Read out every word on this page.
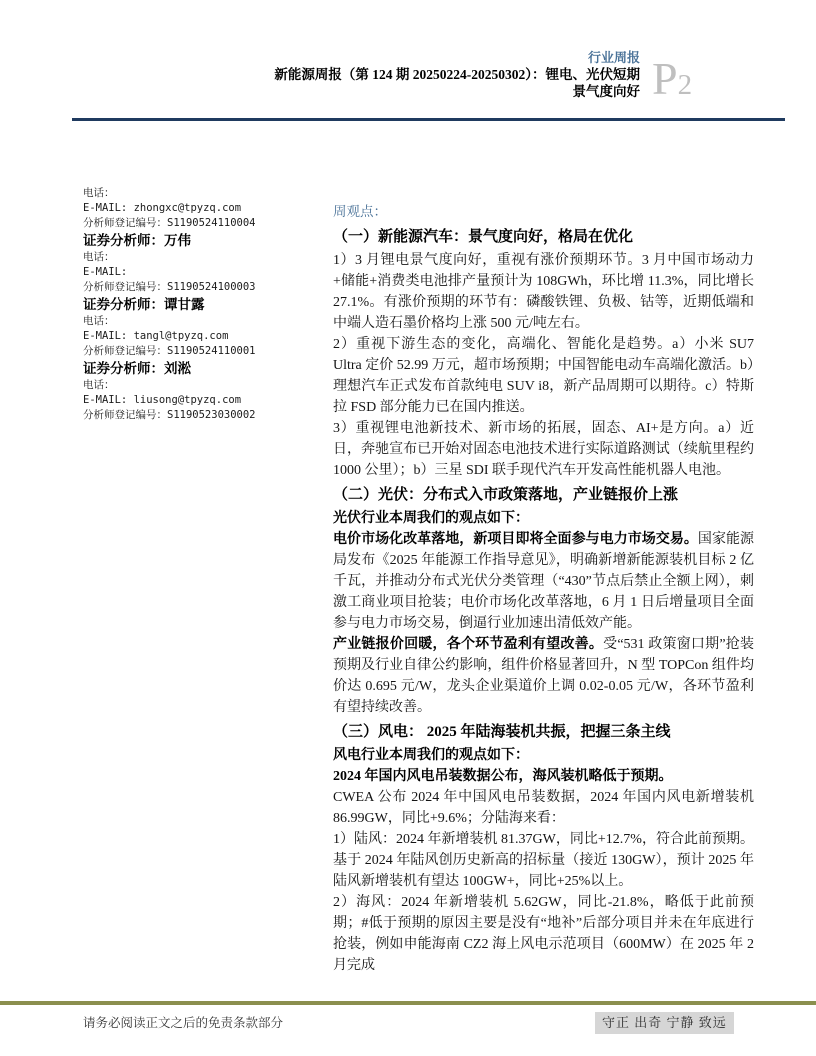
行业周报
新能源周报（第 124 期 20250224-20250302）：锂电、光伏短期
景气度向好 P2
电话：
E-MAIL: zhongxc@tpyzq.com
分析师登记编号：S1190524110004
证券分析师：万伟
电话：
E-MAIL:
分析师登记编号：S1190524100003
证券分析师：谭甘露
电话：
E-MAIL: tangl@tpyzq.com
分析师登记编号：S1190524110001
证券分析师：刘淞
电话：
E-MAIL: liusong@tpyzq.com
分析师登记编号：S1190523030002
周观点：
（一）新能源汽车：景气度向好，格局在优化

1）3 月锂电景气度向好，重视有涨价预期环节。3 月中国市场动力+储能+消费类电池排产量预计为 108GWh，环比增 11.3%，同比增长 27.1%。有涨价预期的环节有：磷酸铁锂、负极、钴等，近期低端和中端人造石墨价格均上涨 500 元/吨左右。

2）重视下游生态的变化，高端化、智能化是趋势。a）小米 SU7 Ultra 定价 52.99 万元，超市场预期；中国智能电动车高端化激活。b）理想汽车正式发布首款纯电 SUV i8，新产品周期可以期待。c）特斯拉 FSD 部分能力已在国内推送。

3）重视锂电池新技术、新市场的拓展，固态、AI+是方向。a）近日，奔驰宣布已开始对固态电池技术进行实际道路测试（续航里程约 1000 公里）；b）三星 SDI 联手现代汽车开发高性能机器人电池。

（二）光伏：分布式入市政策落地，产业链报价上涨

光伏行业本周我们的观点如下：

电价市场化改革落地，新项目即将全面参与电力市场交易。国家能源局发布《2025 年能源工作指导意见》，明确新增新能源装机目标 2 亿千瓦，并推动分布式光伏分类管理（“430”节点后禁止全额上网），刺激工商业项目抢装；电价市场化改革落地，6 月 1 日后增量项目全面参与电力市场交易，倒逼行业加速出清低效产能。

产业链报价回暖，各个环节盈利有望改善。受“531 政策窗口期”抢装预期及行业自律公约影响，组件价格显著回升，N 型 TOPCon 组件均价达 0.695 元/W，龙头企业渠道价上调 0.02-0.05 元/W，各环节盈利有望持续改善。

（三）风电： 2025 年陆海装机共振，把握三条主线

风电行业本周我们的观点如下：

2024 年国内风电吊装数据公布，海风装机略低于预期。

CWEA 公布 2024 年中国风电吊装数据，2024 年国内风电新增装机 86.99GW，同比+9.6%；分陆海来看：

1）陆风：2024 年新增装机 81.37GW，同比+12.7%，符合此前预期。基于 2024 年陆风创历史新高的招标量（接近 130GW），预计 2025 年陆风新增装机有望达 100GW+，同比+25%以上。

2）海风：2024 年新增装机 5.62GW，同比-21.8%，略低于此前预期；#低于预期的原因主要是没有“地补”后部分项目并未在年底进行抢装，例如申能海南 CZ2 海上风电示范项目（600MW）在 2025 年 2 月完成

请务必阅读正文之后的免责条款部分	守正 出奇 宁静 致远
